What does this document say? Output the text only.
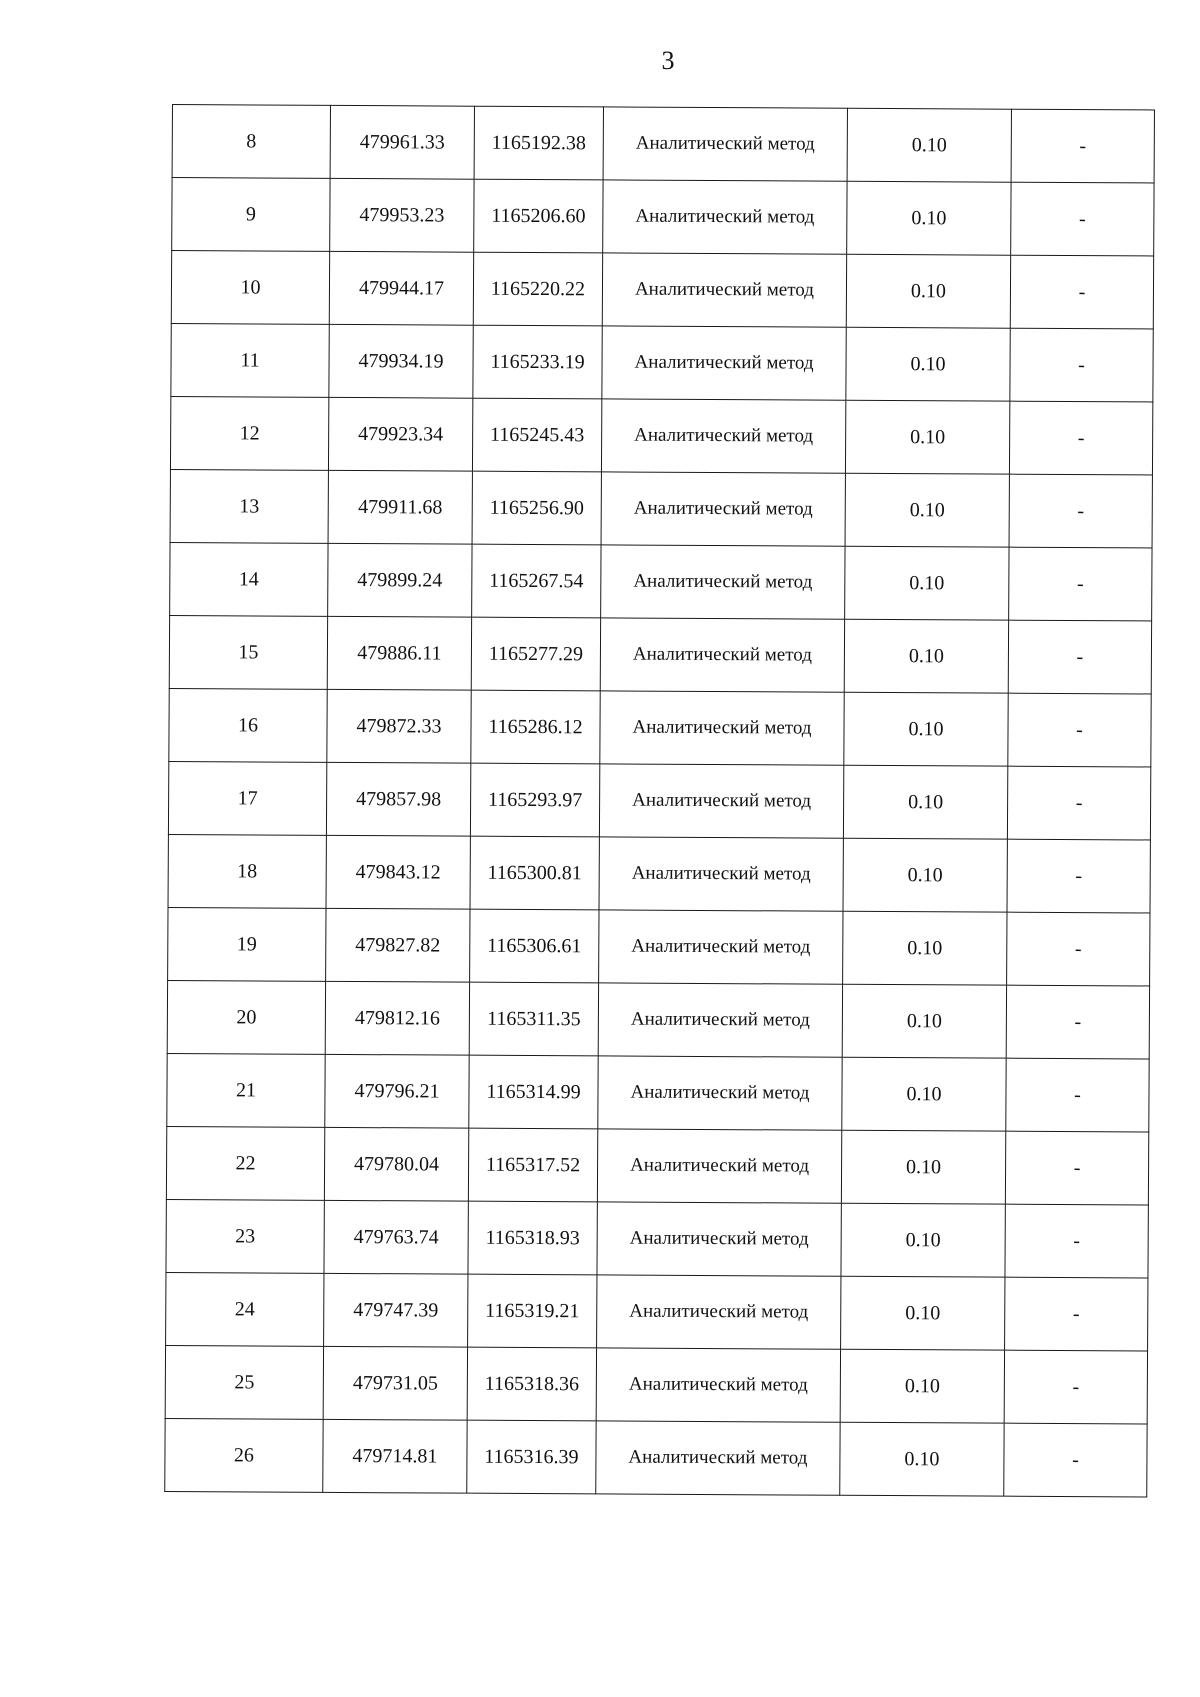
3
8	479961.33	1165192.38	Аналитический метод	0.10	-
9	479953.23	1165206.60	Аналитический метод	0.10	-
10	479944.17	1165220.22	Аналитический метод	0.10	-
11	479934.19	1165233.19	Аналитический метод	0.10	-
12	479923.34	1165245.43	Аналитический метод	0.10	-
13	479911.68	1165256.90	Аналитический метод	0.10	-
14	479899.24	1165267.54	Аналитический метод	0.10	-
15	479886.11	1165277.29	Аналитический метод	0.10	-
16	479872.33	1165286.12	Аналитический метод	0.10	-
17	479857.98	1165293.97	Аналитический метод	0.10	-
18	479843.12	1165300.81	Аналитический метод	0.10	-
19	479827.82	1165306.61	Аналитический метод	0.10	-
20	479812.16	1165311.35	Аналитический метод	0.10	-
21	479796.21	1165314.99	Аналитический метод	0.10	-
22	479780.04	1165317.52	Аналитический метод	0.10	-
23	479763.74	1165318.93	Аналитический метод	0.10	-
24	479747.39	1165319.21	Аналитический метод	0.10	-
25	479731.05	1165318.36	Аналитический метод	0.10	-
26	479714.81	1165316.39	Аналитический метод	0.10	-
